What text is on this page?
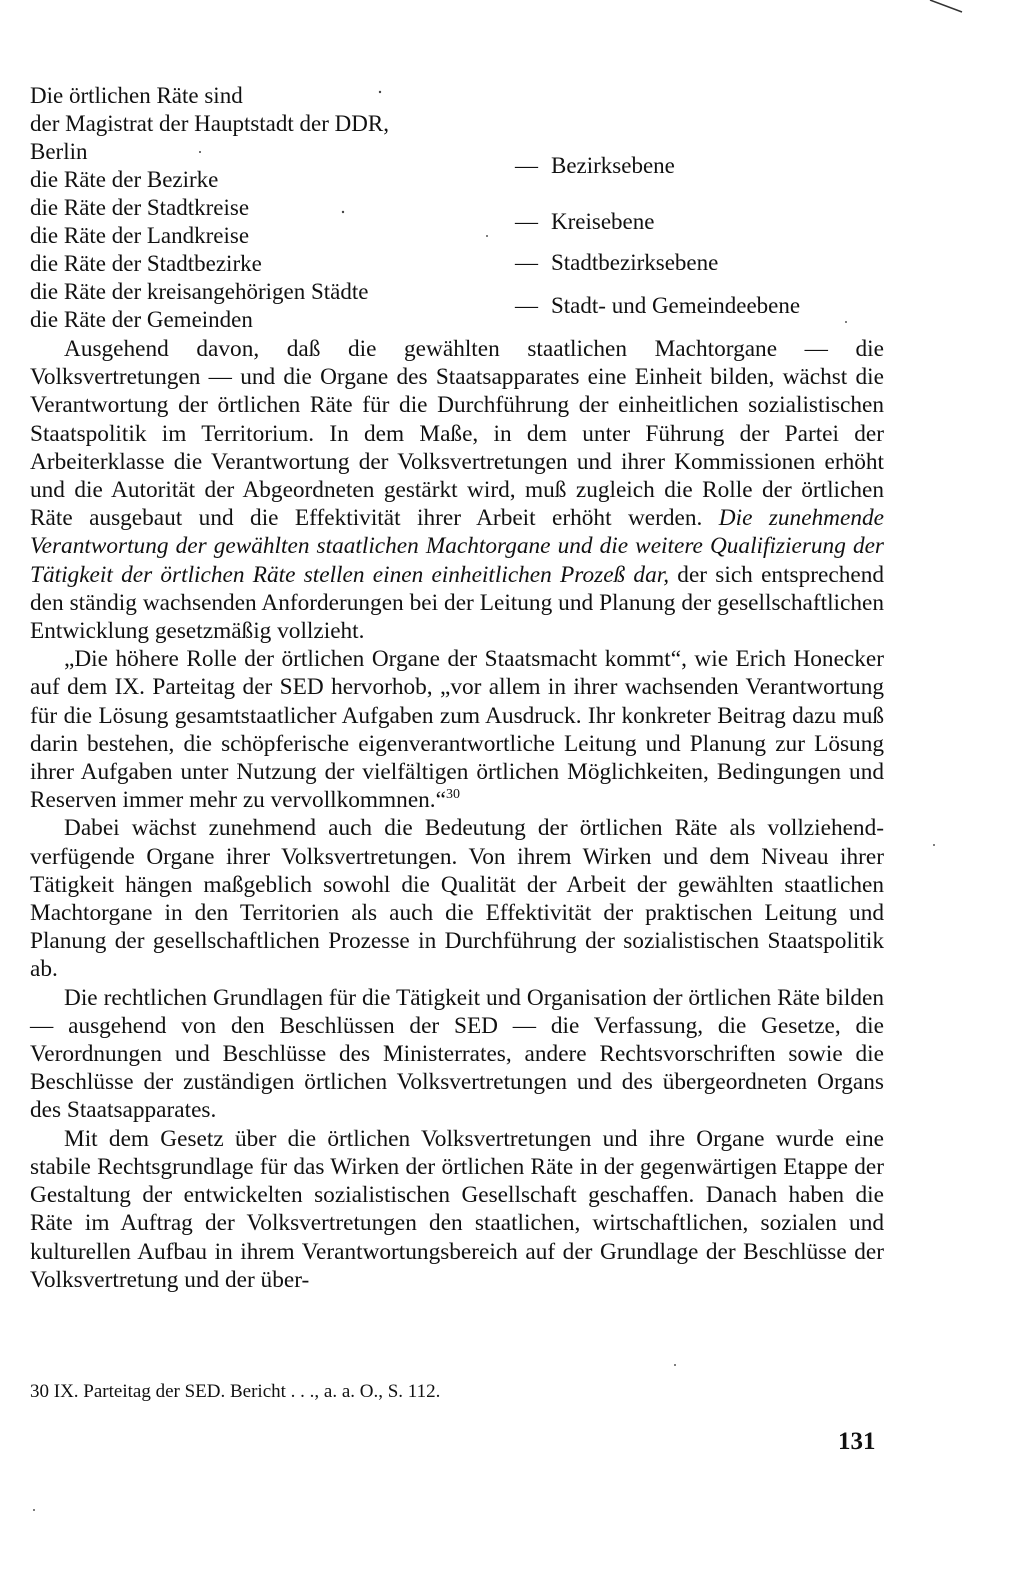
Die örtlichen Räte sind
der Magistrat der Hauptstadt der DDR,
Berlin
die Räte der Bezirke
die Räte der Stadtkreise
die Räte der Landkreise
die Räte der Stadtbezirke
die Räte der kreisangehörigen Städte
die Räte der Gemeinden
— Bezirksebene
— Kreisebene
— Stadtbezirksebene
— Stadt- und Gemeindeebene

Ausgehend davon, daß die gewählten staatlichen Machtorgane — die Volksvertretungen — und die Organe des Staatsapparates eine Einheit bilden, wächst die Verantwortung der örtlichen Räte für die Durchführung der einheitlichen sozialistischen Staatspolitik im Territorium. In dem Maße, in dem unter Führung der Partei der Arbeiterklasse die Verantwortung der Volksvertretungen und ihrer Kommissionen erhöht und die Autorität der Abgeordneten gestärkt wird, muß zugleich die Rolle der örtlichen Räte ausgebaut und die Effektivität ihrer Arbeit erhöht werden. Die zunehmende Verantwortung der gewählten staatlichen Machtorgane und die weitere Qualifizierung der Tätigkeit der örtlichen Räte stellen einen einheitlichen Prozeß dar, der sich entsprechend den ständig wachsenden Anforderungen bei der Leitung und Planung der gesellschaftlichen Entwicklung gesetzmäßig vollzieht.

„Die höhere Rolle der örtlichen Organe der Staatsmacht kommt“, wie Erich Honecker auf dem IX. Parteitag der SED hervorhob, „vor allem in ihrer wachsenden Verantwortung für die Lösung gesamtstaatlicher Aufgaben zum Ausdruck. Ihr konkreter Beitrag dazu muß darin bestehen, die schöpferische eigenverantwortliche Leitung und Planung zur Lösung ihrer Aufgaben unter Nutzung der vielfältigen örtlichen Möglichkeiten, Bedingungen und Reserven immer mehr zu vervollkommnen.“$^{30}$

Dabei wächst zunehmend auch die Bedeutung der örtlichen Räte als vollziehend-verfügende Organe ihrer Volksvertretungen. Von ihrem Wirken und dem Niveau ihrer Tätigkeit hängen maßgeblich sowohl die Qualität der Arbeit der gewählten staatlichen Machtorgane in den Territorien als auch die Effektivität der praktischen Leitung und Planung der gesellschaftlichen Prozesse in Durchführung der sozialistischen Staatspolitik ab.

Die rechtlichen Grundlagen für die Tätigkeit und Organisation der örtlichen Räte bilden — ausgehend von den Beschlüssen der SED — die Verfassung, die Gesetze, die Verordnungen und Beschlüsse des Ministerrates, andere Rechtsvorschriften sowie die Beschlüsse der zuständigen örtlichen Volksvertretungen und des übergeordneten Organs des Staatsapparates.

Mit dem Gesetz über die örtlichen Volksvertretungen und ihre Organe wurde eine stabile Rechtsgrundlage für das Wirken der örtlichen Räte in der gegenwärtigen Etappe der Gestaltung der entwickelten sozialistischen Gesellschaft geschaffen. Danach haben die Räte im Auftrag der Volksvertretungen den staatlichen, wirtschaftlichen, sozialen und kulturellen Aufbau in ihrem Verantwortungsbereich auf der Grundlage der Beschlüsse der Volksvertretung und der über-

30 IX. Parteitag der SED. Bericht . . ., a. a. O., S. 112.
131
